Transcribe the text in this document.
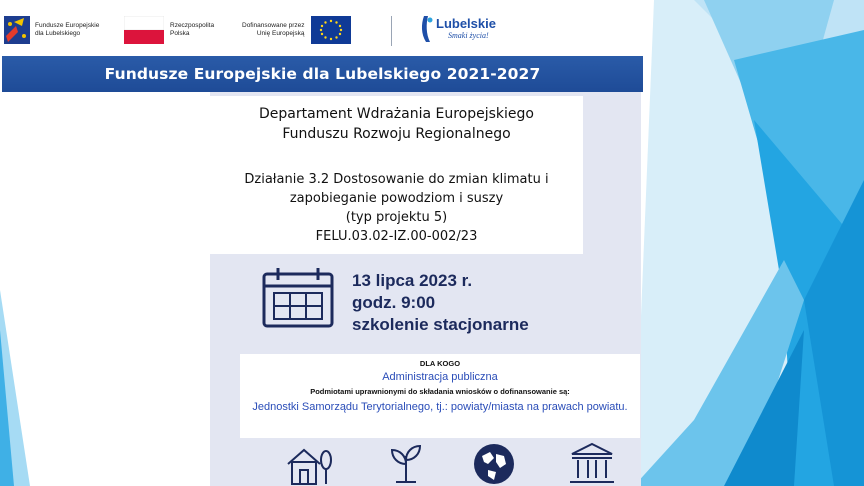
Fundusze Europejskie
dla Lubelskiego
Rzeczpospolita
Polska
Dofinansowane przez
Unię Europejską
Lubelskie
Smaki życia!
Fundusze Europejskie dla Lubelskiego 2021-2027
Departament Wdrażania Europejskiego
Funduszu Rozwoju Regionalnego
Działanie 3.2 Dostosowanie do zmian klimatu i
zapobieganie powodziom i suszy
(typ projektu 5)
FELU.03.02-IZ.00-002/23
13 lipca 2023 r.
godz. 9:00
szkolenie stacjonarne
DLA KOGO
Administracja publiczna
Podmiotami uprawnionymi do składania wniosków o dofinansowanie są:
Jednostki Samorządu Terytorialnego, tj.: powiaty/miasta na prawach powiatu.
